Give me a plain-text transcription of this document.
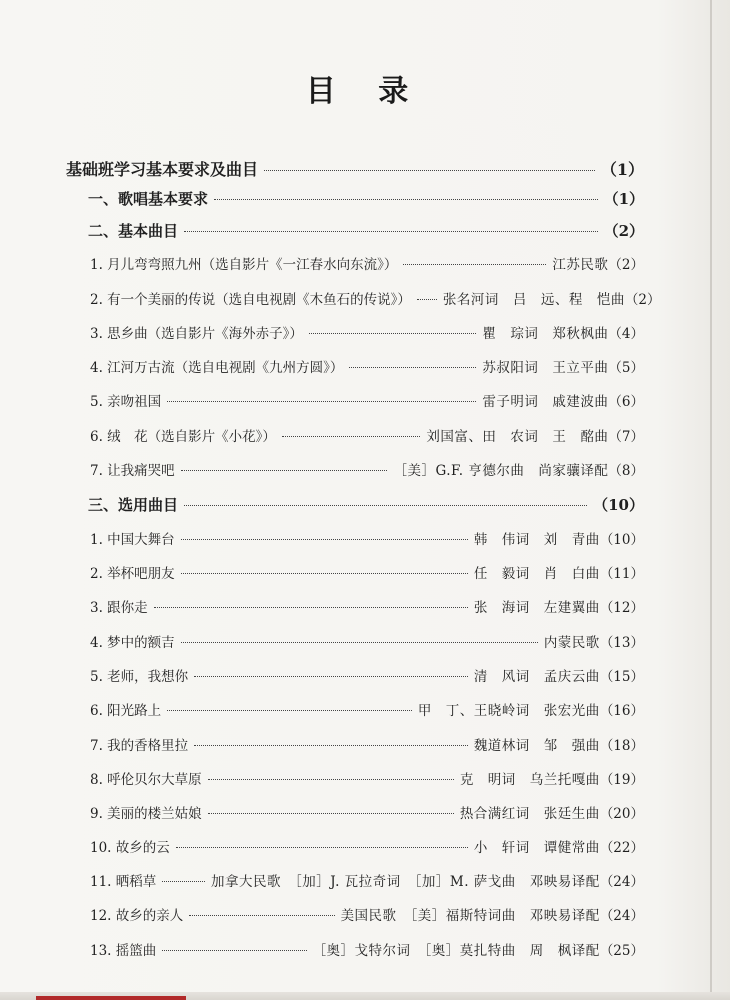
目 录
基础班学习基本要求及曲目	（1）
一、歌唱基本要求	（1）
二、基本曲目	（2）
1. 月儿弯弯照九州（选自影片《一江春水向东流》）	江苏民歌 （2）
2. 有一个美丽的传说（选自电视剧《木鱼石的传说》） 张名河词　吕　远、程　恺曲 （2）
3. 思乡曲（选自影片《海外赤子》）	瞿　琮词　郑秋枫曲 （4）
4. 江河万古流（选自电视剧《九州方圆》）	苏叔阳词　王立平曲 （5）
5. 亲吻祖国	雷子明词　戚建波曲 （6）
6. 绒　花（选自影片《小花》）	刘国富、田　农词　王　酩曲 （7）
7. 让我痛哭吧	［美］G.F. 亨德尔曲　尚家骧译配 （8）
三、选用曲目	（10）
1. 中国大舞台	韩　伟词　刘　青曲 （10）
2. 举杯吧朋友	任　毅词　肖　白曲 （11）
3. 跟你走	张　海词　左建翼曲 （12）
4. 梦中的额吉	内蒙民歌 （13）
5. 老师，我想你	清　风词　孟庆云曲 （15）
6. 阳光路上	甲　丁、王晓岭词　张宏光曲 （16）
7. 我的香格里拉	魏道林词　邹　强曲 （18）
8. 呼伦贝尔大草原	克　明词　乌兰托嘎曲 （19）
9. 美丽的楼兰姑娘	热合满红词　张廷生曲 （20）
10. 故乡的云	小　轩词　谭健常曲 （22）
11. 晒稻草	加拿大民歌　［加］J. 瓦拉奇词　［加］M. 萨戈曲　邓映易译配 （24）
12. 故乡的亲人	美国民歌　［美］福斯特词曲　邓映易译配 （24）
13. 摇篮曲	［奥］戈特尔词　［奥］莫扎特曲　周　枫译配 （25）
